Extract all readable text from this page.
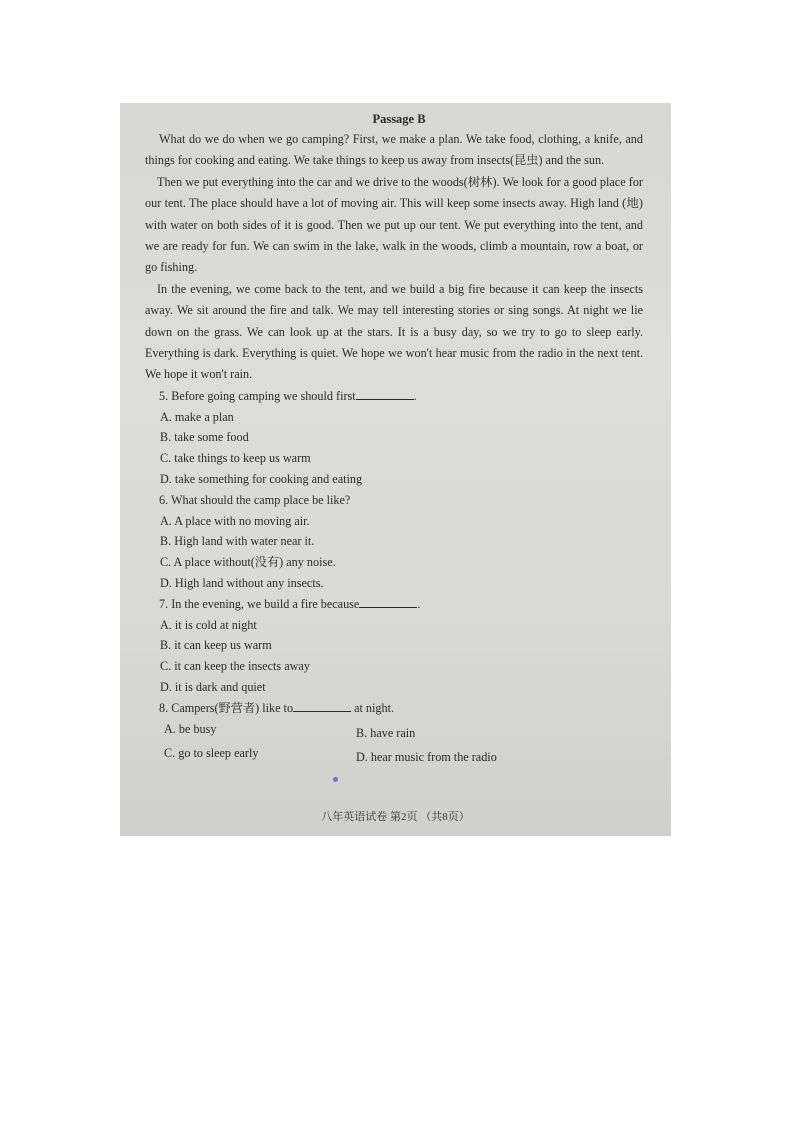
Passage B

What do we do when we go camping? First, we make a plan. We take food, clothing, a knife, and things for cooking and eating. We take things to keep us away from insects(昆虫) and the sun.

Then we put everything into the car and we drive to the woods(树林). We look for a good place for our tent. The place should have a lot of moving air. This will keep some insects away. High land (地) with water on both sides of it is good. Then we put up our tent. We put everything into the tent, and we are ready for fun. We can swim in the lake, walk in the woods, climb a mountain, row a boat, or go fishing.

In the evening, we come back to the tent, and we build a big fire because it can keep the insects away. We sit around the fire and talk. We may tell interesting stories or sing songs. At night we lie down on the grass. We can look up at the stars. It is a busy day, so we try to go to sleep early. Everything is dark. Everything is quiet. We hope we won't hear music from the radio in the next tent. We hope it won't rain.

5. Before going camping we should first	.

A. make a plan

B. take some food

C. take things to keep us warm

D. take something for cooking and eating

6. What should the camp place be like?

A. A place with no moving air.

B. High land with water near it.

C. A place without(没有) any noise.

D. High land without any insects.

7. In the evening, we build a fire because	.

A. it is cold at night

B. it can keep us warm

C. it can keep the insects away

D. it is dark and quiet

8. Campers(野营者) like to	at night.

A. be busy	B. have rain
C. go to sleep early	D. hear music from the radio
八年英语试卷 第2页 （共8页）
